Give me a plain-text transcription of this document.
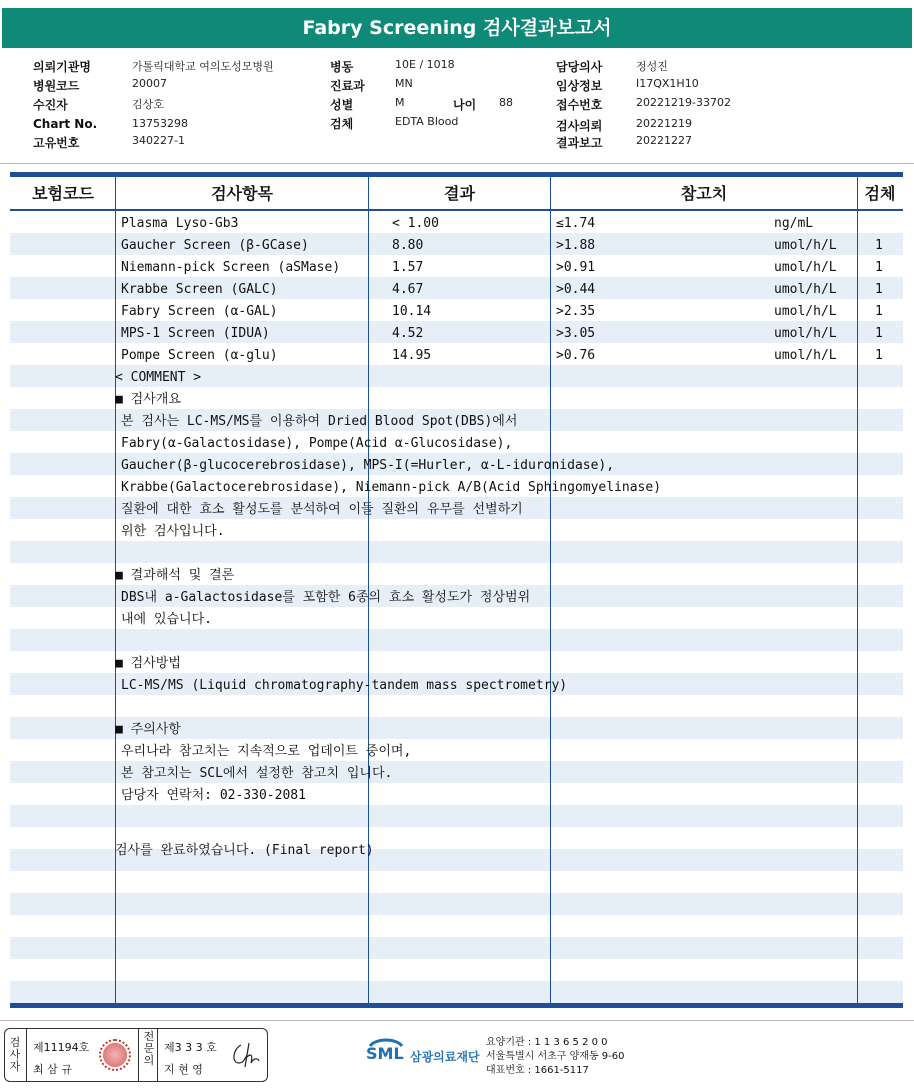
Fabry Screening 검사결과보고서
의뢰기관명	가톨릭대학교 여의도성모병원
병원코드	20007
수진자	김상호
Chart No.	13753298
고유번호	340227-1
병동	10E / 1018
진료과	MN
성별	M
검체	EDTA Blood
나이 88
담당의사	정성진
임상정보	I17QX1H10
접수번호	20221219-33702
검사의뢰	20221219
결과보고	20221227
보험코드	검사항목	결과	참고치	검체
Plasma Lyso-Gb3	< 1.00	≤1.74	ng/mL
Gaucher Screen (β-GCase)	8.80	>1.88	umol/h/L	1
Niemann-pick Screen (aSMase)	1.57	>0.91	umol/h/L	1
Krabbe Screen (GALC)	4.67	>0.44	umol/h/L	1
Fabry Screen (α-GAL)	10.14	>2.35	umol/h/L	1
MPS-1 Screen (IDUA)	4.52	>3.05	umol/h/L	1
Pompe Screen (α-glu)	14.95	>0.76	umol/h/L	1
< COMMENT >
■ 검사개요
본 검사는 LC-MS/MS를 이용하여 Dried Blood Spot(DBS)에서
Fabry(α-Galactosidase), Pompe(Acid α-Glucosidase),
Gaucher(β-glucocerebrosidase), MPS-I(=Hurler, α-L-iduronidase),
Krabbe(Galactocerebrosidase), Niemann-pick A/B(Acid Sphingomyelinase)
질환에 대한 효소 활성도를 분석하여 이들 질환의 유무를 선별하기
위한 검사입니다.
■ 결과해석 및 결론
DBS내 a-Galactosidase를 포함한 6종의 효소 활성도가 정상범위
내에 있습니다.
■ 검사방법
LC-MS/MS (Liquid chromatography-tandem mass spectrometry)
■ 주의사항
우리나라 참고치는 지속적으로 업데이트 중이며,
본 참고치는 SCL에서 설정한 참고치 입니다.
담당자 연락처: 02-330-2081
검사를 완료하였습니다. (Final report)
검사자
제11194호
최 삼 규
전문의
제3 3 3 호
지 현 영
SML 삼광의료재단
요양기관 : 1 1 3 6 5 2 0 0
서울특별시 서초구 양재동 9-60
대표번호 : 1661-5117
